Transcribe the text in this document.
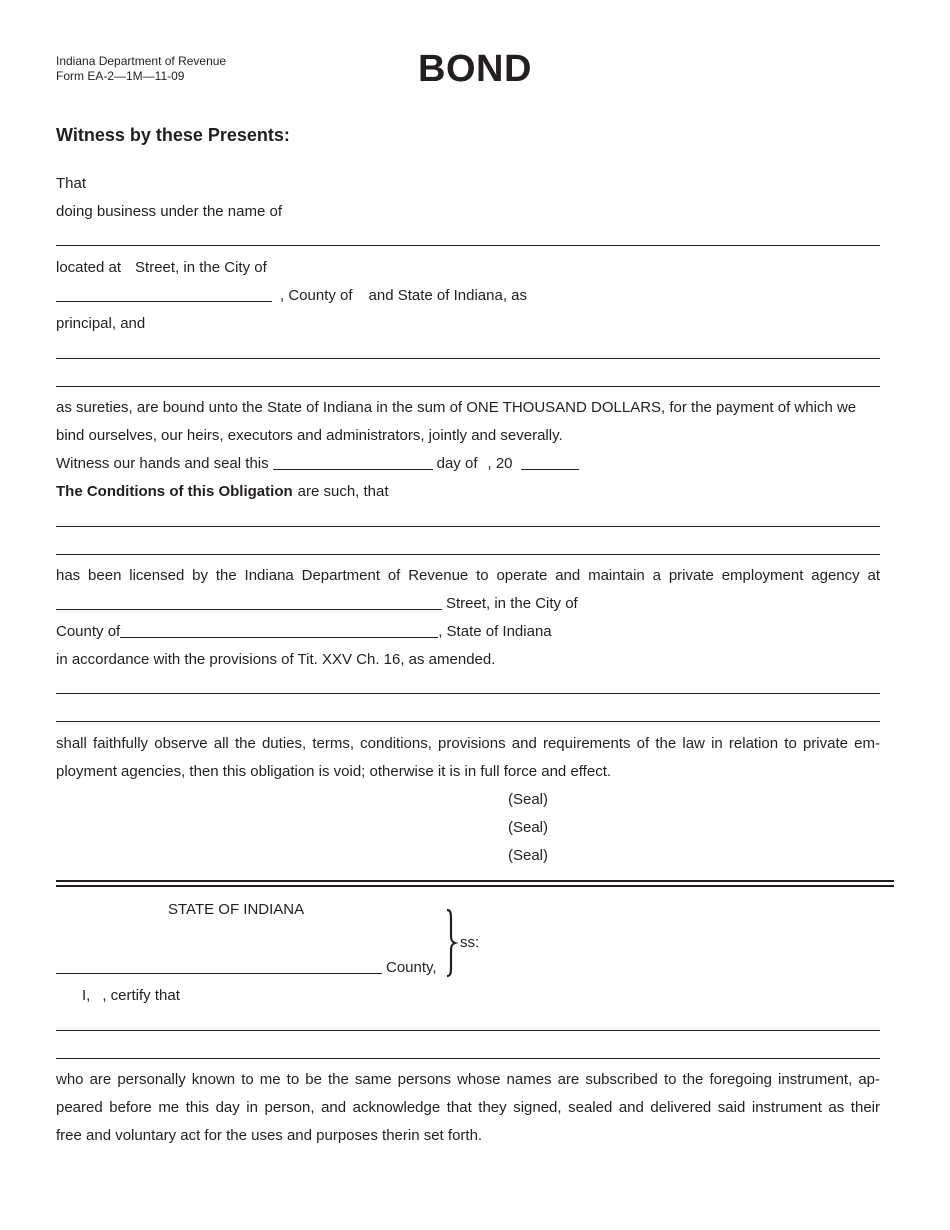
Indiana Department of Revenue
Form EA-2—1M—11-09	BOND
Witness by these Presents:
That
doing business under the name of
located at Street, in the City of
, County of and State of Indiana, as
principal, and
as sureties, are bound unto the State of Indiana in the sum of ONE THOUSAND DOLLARS, for the payment of which we
bind ourselves, our heirs, executors and administrators, jointly and severally.
Witness our hands and seal this	day of , 20
The Conditions of this Obligation are such, that
has been licensed by the Indiana Department of Revenue to operate and maintain a private employment agency at
Street, in the City of
County of	, State of Indiana
in accordance with the provisions of Tit. XXV Ch. 16, as amended.
shall faithfully observe all the duties, terms, conditions, provisions and requirements of the law in relation to private em-
ployment agencies, then this obligation is void; otherwise it is in full force and effect.
(Seal)
(Seal)
(Seal)
STATE OF INDIANA
ss:
County,
I, , certify that
who are personally known to me to be the same persons whose names are subscribed to the foregoing instrument, ap-
peared before me this day in person, and acknowledge that they signed, sealed and delivered said instrument as their
free and voluntary act for the uses and purposes therin set forth.
